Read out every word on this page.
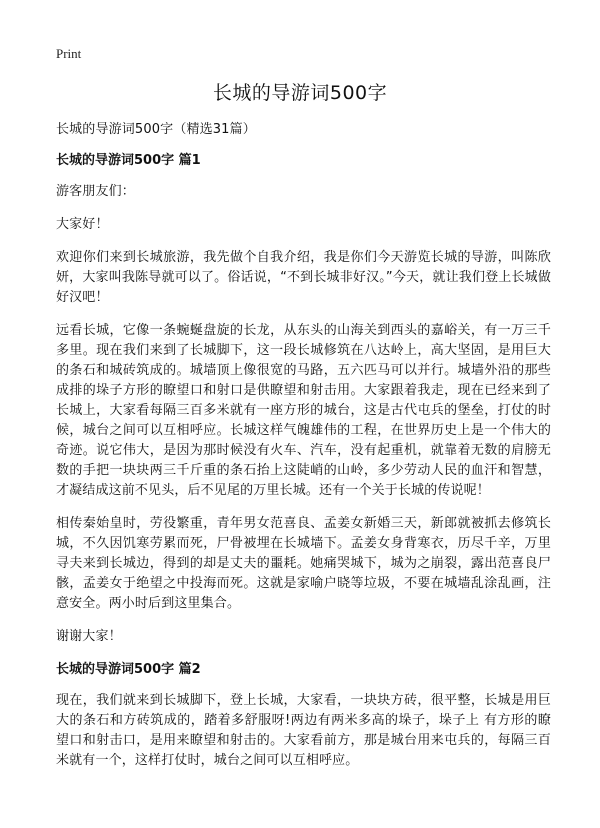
Print
长城的导游词500字

长城的导游词500字（精选31篇）

长城的导游词500字 篇1

游客朋友们：

大家好！

欢迎你们来到长城旅游，我先做个自我介绍，我是你们今天游览长城的导游，叫陈欣妍，大家叫我陈导就可以了。俗话说，“不到长城非好汉。”今天，就让我们登上长城做好汉吧！

远看长城，它像一条蜿蜒盘旋的长龙，从东头的山海关到西头的嘉峪关，有一万三千多里。现在我们来到了长城脚下，这一段长城修筑在八达岭上，高大坚固，是用巨大的条石和城砖筑成的。城墙顶上像很宽的马路，五六匹马可以并行。城墙外沿的那些成排的垛子方形的瞭望口和射口是供瞭望和射击用。大家跟着我走，现在已经来到了长城上，大家看每隔三百多米就有一座方形的城台，这是古代屯兵的堡垒，打仗的时候，城台之间可以互相呼应。长城这样气魄雄伟的工程，在世界历史上是一个伟大的奇迹。说它伟大，是因为那时候没有火车、汽车，没有起重机，就靠着无数的肩膀无数的手把一块块两三千斤重的条石抬上这陡峭的山岭，多少劳动人民的血汗和智慧，才凝结成这前不见头，后不见尾的万里长城。还有一个关于长城的传说呢！

相传秦始皇时，劳役繁重，青年男女范喜良、孟姜女新婚三天，新郎就被抓去修筑长城，不久因饥寒劳累而死，尸骨被埋在长城墙下。孟姜女身背寒衣，历尽千辛，万里寻夫来到长城边，得到的却是丈夫的噩耗。她痛哭城下，城为之崩裂，露出范喜良尸骸，孟姜女于绝望之中投海而死。这就是家喻户晓等垃圾，不要在城墙乱涂乱画，注意安全。两小时后到这里集合。

谢谢大家！

长城的导游词500字 篇2

现在，我们就来到长城脚下，登上长城，大家看，一块块方砖，很平整，长城是用巨大的条石和方砖筑成的，踏着多舒服呀!两边有两米多高的垛子，垛子上 有方形的瞭望口和射击口，是用来瞭望和射击的。大家看前方，那是城台用来屯兵的，每隔三百米就有一个，这样打仗时，城台之间可以互相呼应。
